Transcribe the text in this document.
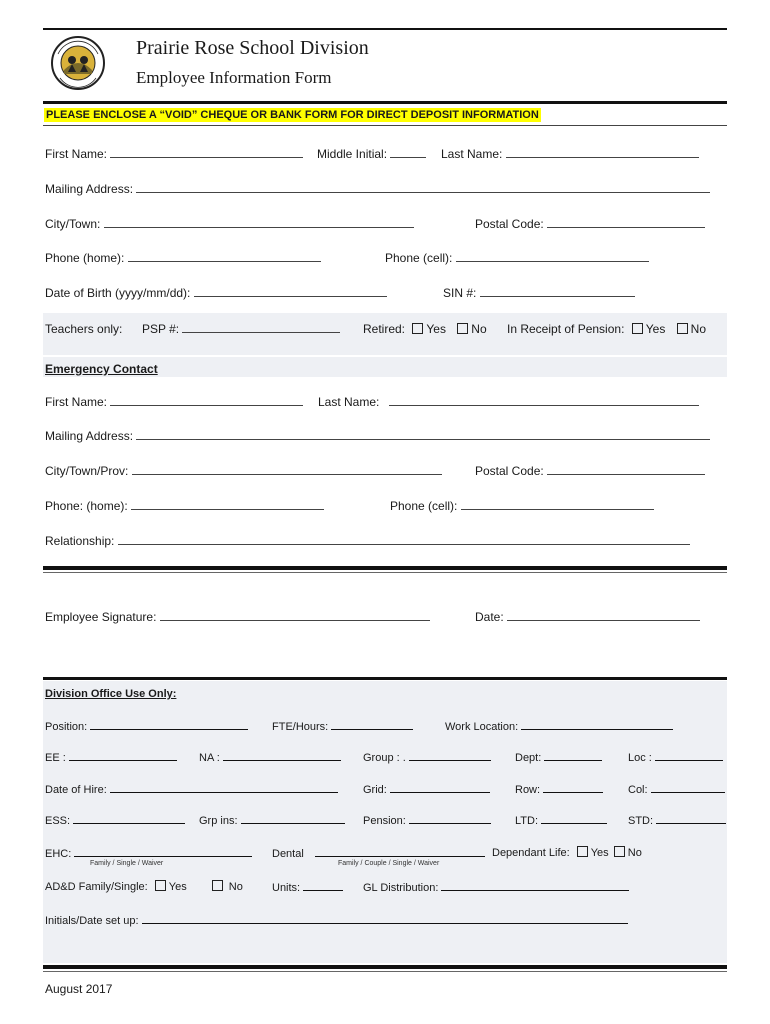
Prairie Rose School Division
Employee Information Form
PLEASE ENCLOSE A “VOID” CHEQUE OR BANK FORM FOR DIRECT DEPOSIT INFORMATION
First Name:	Middle Initial:	Last Name:
Mailing Address:
City/Town:	Postal Code:
Phone (home):	Phone (cell):
Date of Birth (yyyy/mm/dd):	SIN #:
Teachers only: PSP #:	Retired: Yes No In Receipt of Pension: Yes No
Emergency Contact
First Name:	Last Name:
Mailing Address:
City/Town/Prov:	Postal Code:
Phone: (home):	Phone (cell):
Relationship:
Employee Signature:	Date:
Division Office Use Only:
Position:	FTE/Hours:	Work Location:
EE :	NA :	Group : .	Dept:	Loc :
Date of Hire:	Grid:	Row:	Col:
ESS:	Grp ins:	Pension:	LTD:	STD:
EHC:
Family / Single / Waiver
Dental
Family / Couple / Single / Waiver
Dependant Life: Yes No
AD&D Family/Single: Yes	No	Units:	GL Distribution:
Initials/Date set up:
August 2017
